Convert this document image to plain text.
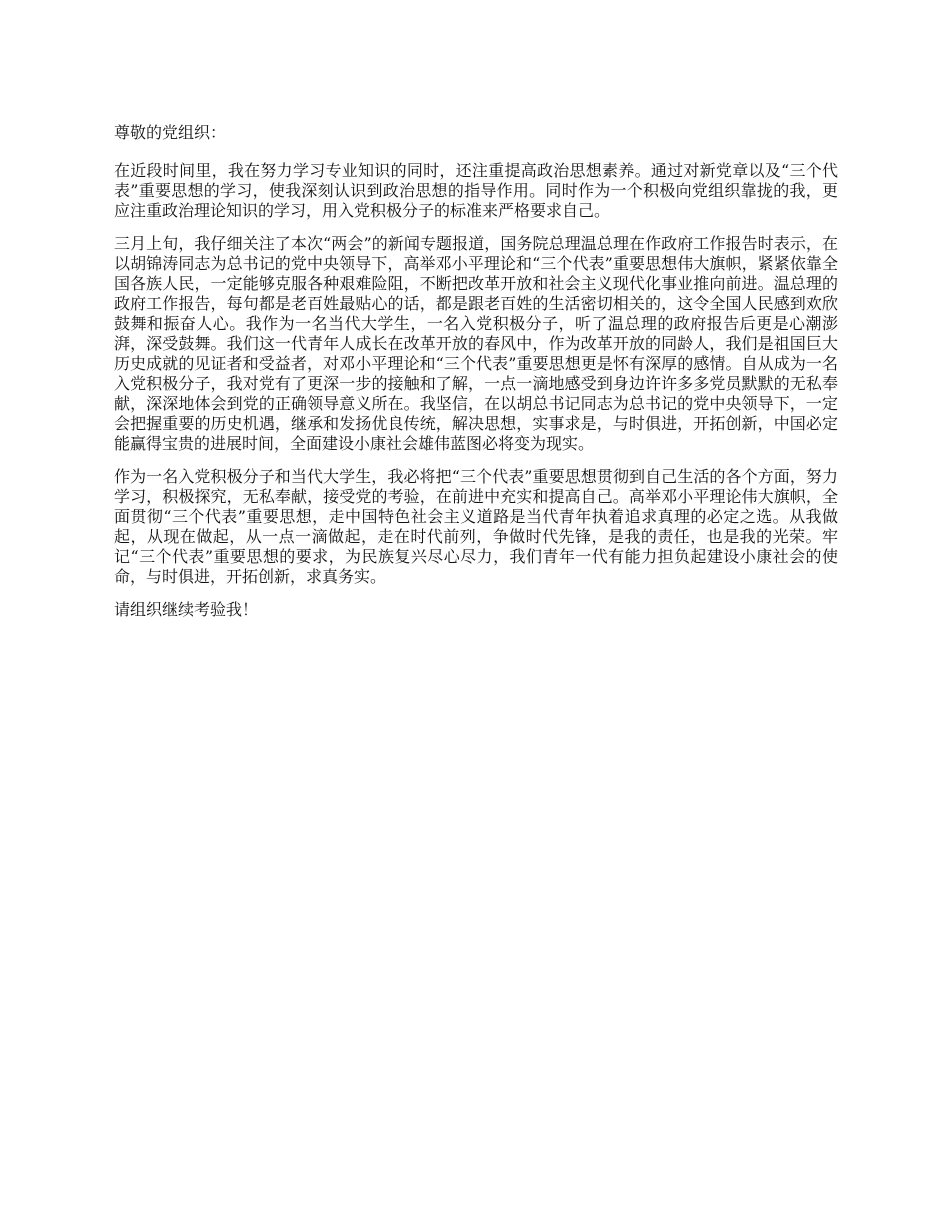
尊敬的党组织：

在近段时间里，我在努力学习专业知识的同时，还注重提高政治思想素养。通过对新党章以及“三个代表”重要思想的学习，使我深刻认识到政治思想的指导作用。同时作为一个积极向党组织靠拢的我，更应注重政治理论知识的学习，用入党积极分子的标准来严格要求自己。

三月上旬，我仔细关注了本次“两会”的新闻专题报道，国务院总理温总理在作政府工作报告时表示，在以胡锦涛同志为总书记的党中央领导下，高举邓小平理论和“三个代表”重要思想伟大旗帜，紧紧依靠全国各族人民，一定能够克服各种艰难险阻，不断把改革开放和社会主义现代化事业推向前进。温总理的政府工作报告，每句都是老百姓最贴心的话，都是跟老百姓的生活密切相关的，这令全国人民感到欢欣鼓舞和振奋人心。我作为一名当代大学生，一名入党积极分子，听了温总理的政府报告后更是心潮澎湃，深受鼓舞。我们这一代青年人成长在改革开放的春风中，作为改革开放的同龄人，我们是祖国巨大历史成就的见证者和受益者，对邓小平理论和“三个代表”重要思想更是怀有深厚的感情。自从成为一名入党积极分子，我对党有了更深一步的接触和了解，一点一滴地感受到身边许许多多党员默默的无私奉献，深深地体会到党的正确领导意义所在。我坚信，在以胡总书记同志为总书记的党中央领导下，一定会把握重要的历史机遇，继承和发扬优良传统，解决思想，实事求是，与时俱进，开拓创新，中国必定能赢得宝贵的进展时间，全面建设小康社会雄伟蓝图必将变为现实。

作为一名入党积极分子和当代大学生，我必将把“三个代表”重要思想贯彻到自己生活的各个方面，努力学习，积极探究，无私奉献，接受党的考验，在前进中充实和提高自己。高举邓小平理论伟大旗帜，全面贯彻“三个代表”重要思想，走中国特色社会主义道路是当代青年执着追求真理的必定之选。从我做起，从现在做起，从一点一滴做起，走在时代前列，争做时代先锋，是我的责任，也是我的光荣。牢记“三个代表”重要思想的要求，为民族复兴尽心尽力，我们青年一代有能力担负起建设小康社会的使命，与时俱进，开拓创新，求真务实。

请组织继续考验我！
